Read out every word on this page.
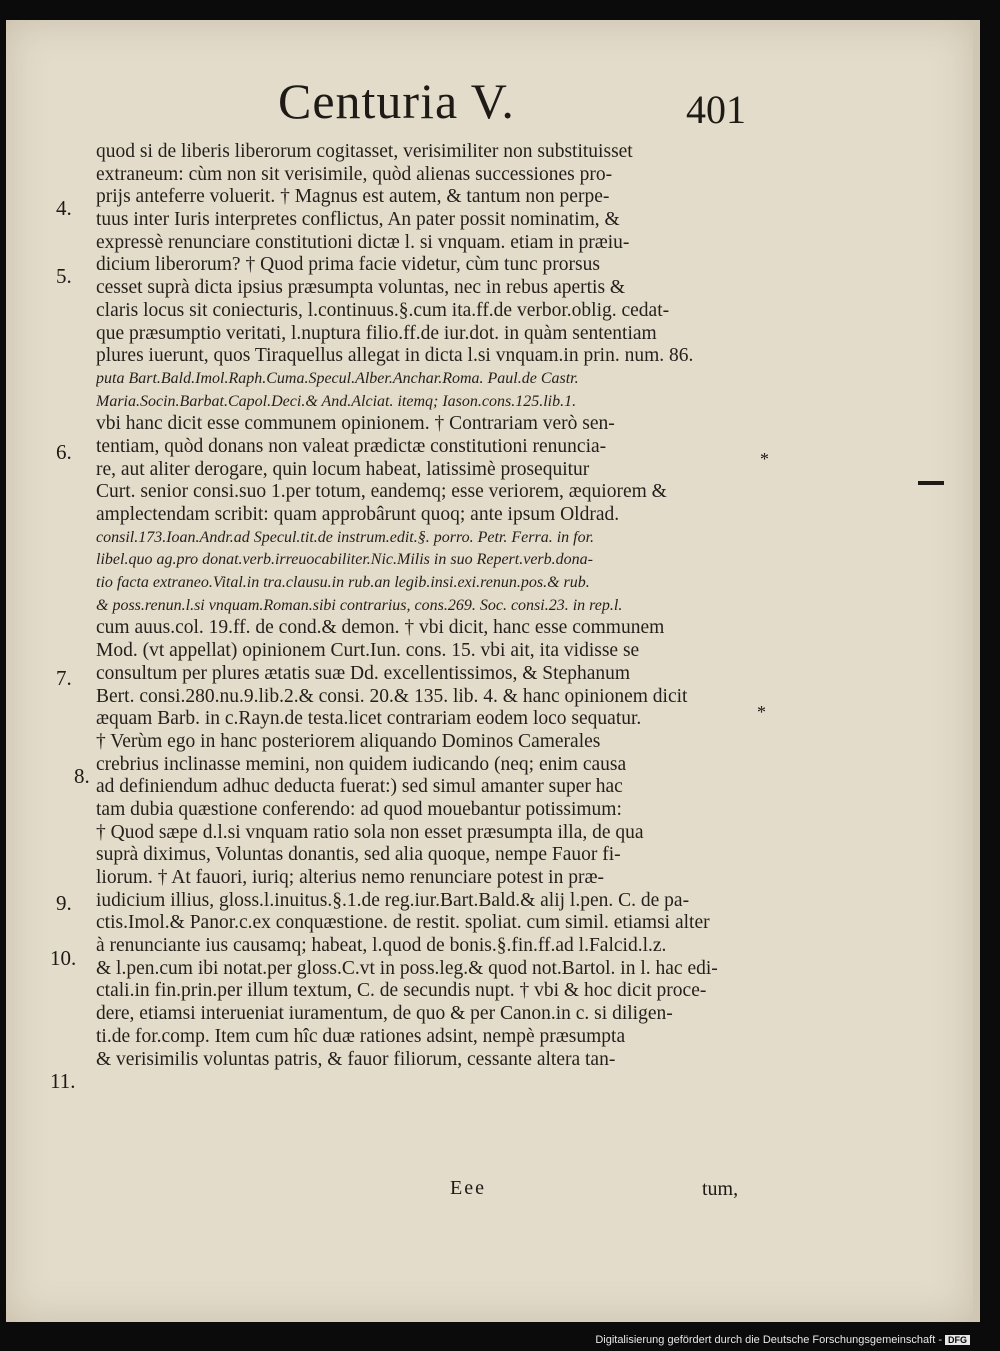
Centuria V.	401
quod si de liberis liberorum cogitasset, verisimiliter non substituisset
extraneum: cùm non sit verisimile, quòd alienas successiones pro-
prijs anteferre voluerit. † Magnus est autem, & tantum non perpe-
tuus inter Iuris interpretes conflictus, An pater possit nominatim, &
expressè renunciare constitutioni dictæ l. si vnquam. etiam in præiu-
dicium liberorum? † Quod prima facie videtur, cùm tunc prorsus
cesset suprà dicta ipsius præsumpta voluntas, nec in rebus apertis &
claris locus sit coniecturis, l.continuus.§.cum ita.ff.de verbor.oblig. cedat-
que præsumptio veritati, l.nuptura filio.ff.de iur.dot. in quàm sententiam
plures iuerunt, quos Tiraquellus allegat in dicta l.si vnquam.in prin. num. 86.
puta Bart.Bald.Imol.Raph.Cuma.Specul.Alber.Anchar.Roma. Paul.de Castr.
Maria.Socin.Barbat.Capol.Deci.& And.Alciat. itemq; Iason.cons.125.lib.1.
vbi hanc dicit esse communem opinionem. † Contrariam verò sen-
tentiam, quòd donans non valeat prædictæ constitutioni renuncia-
re, aut aliter derogare, quin locum habeat, latissimè prosequitur
Curt. senior consi.suo 1.per totum, eandemq; esse veriorem, æquiorem &
amplectendam scribit: quam approbârunt quoq; ante ipsum Oldrad.
consil.173.Ioan.Andr.ad Specul.tit.de instrum.edit.§. porro. Petr. Ferra. in for.
libel.quo ag.pro donat.verb.irreuocabiliter.Nic.Milis in suo Repert.verb.dona-
tio facta extraneo.Vital.in tra.clausu.in rub.an legib.insi.exi.renun.pos.& rub.
& poss.renun.l.si vnquam.Roman.sibi contrarius, cons.269. Soc. consi.23. in rep.l.
cum auus.col. 19.ff. de cond.& demon. † vbi dicit, hanc esse communem
Mod. (vt appellat) opinionem Curt.Iun. cons. 15. vbi ait, ita vidisse se
consultum per plures ætatis suæ Dd. excellentissimos, & Stephanum
Bert. consi.280.nu.9.lib.2.& consi. 20.& 135. lib. 4. & hanc opinionem dicit
æquam Barb. in c.Rayn.de testa.licet contrariam eodem loco sequatur.
† Verùm ego in hanc posteriorem aliquando Dominos Camerales
crebrius inclinasse memini, non quidem iudicando (neq; enim causa
ad definiendum adhuc deducta fuerat:) sed simul amanter super hac
tam dubia quæstione conferendo: ad quod mouebantur potissimum:
† Quod sæpe d.l.si vnquam ratio sola non esset præsumpta illa, de qua
suprà diximus, Voluntas donantis, sed alia quoque, nempe Fauor fi-
liorum. † At fauori, iuriq; alterius nemo renunciare potest in præ-
iudicium illius, gloss.l.inuitus.§.1.de reg.iur.Bart.Bald.& alij l.pen. C. de pa-
ctis.Imol.& Panor.c.ex conquæstione. de restit. spoliat. cum simil. etiamsi alter
à renunciante ius causamq; habeat, l.quod de bonis.§.fin.ff.ad l.Falcid.l.z.
& l.pen.cum ibi notat.per gloss.C.vt in poss.leg.& quod not.Bartol. in l. hac edi-
ctali.in fin.prin.per illum textum, C. de secundis nupt. † vbi & hoc dicit proce-
dere, etiamsi interueniat iuramentum, de quo & per Canon.in c. si diligen-
ti.de for.comp. Item cum hîc duæ rationes adsint, nempè præsumpta
& verisimilis voluntas patris, & fauor filiorum, cessante altera tan-
4.
5.
6.
7.
8.
9.
10.
11.
*
*
Eee	tum,
Digitalisierung gefördert durch die Deutsche Forschungsgemeinschaft - DFG
